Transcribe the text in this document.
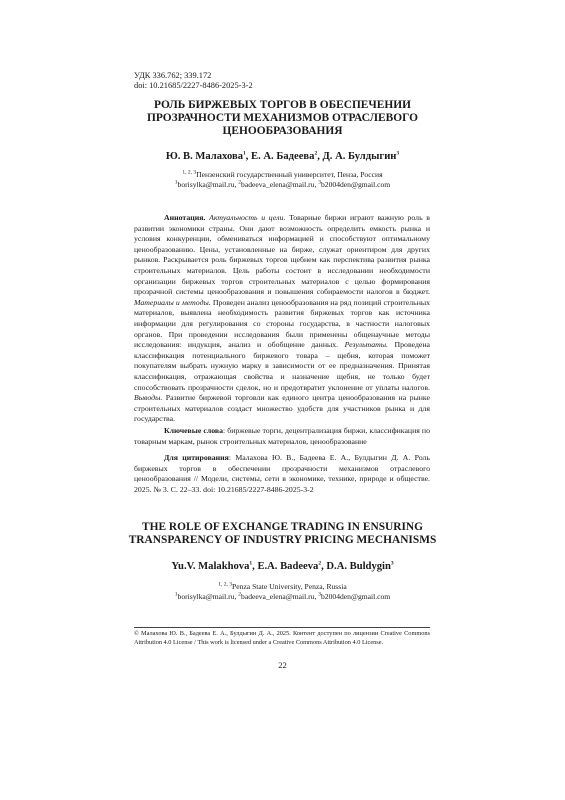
УДК 336.762; 339.172
doi: 10.21685/2227-8486-2025-3-2
РОЛЬ БИРЖЕВЫХ ТОРГОВ В ОБЕСПЕЧЕНИИ ПРОЗРАЧНОСТИ МЕХАНИЗМОВ ОТРАСЛЕВОГО ЦЕНООБРАЗОВАНИЯ
Ю. В. Малахова$^1$, Е. А. Бадеева$^2$, Д. А. Булдыгин$^3$
$^{1, 2, 3}$Пензенский государственный университет, Пенза, Россия
$^1$borisylka@mail.ru, $^2$badeeva_elena@mail.ru, $^3$b2004den@gmail.com
Аннотация. Актуальность и цели. Товарные биржи играют важную роль в развитии экономики страны. Они дают возможность определить емкость рынка и условия конкуренции, обмениваться информацией и способствуют оптимальному ценообразованию. Цены, установленные на бирже, служат ориентиром для других рынков. Раскрывается роль биржевых торгов щебнем как перспектива развития рынка строительных материалов. Цель работы состоит в исследовании необходимости организации биржевых торгов строительных материалов с целью формирования прозрачной системы ценообразования и повышения собираемости налогов в бюджет. Материалы и методы. Проведен анализ ценообразования на ряд позиций строительных материалов, выявлена необходимость развития биржевых торгов как источника информации для регулирования со стороны государства, в частности налоговых органов. При проведении исследования были применены общенаучные методы исследования: индукция, анализ и обобщение данных. Результаты. Проведена классификация потенциального биржевого товара – щебня, которая поможет покупателям выбрать нужную марку в зависимости от ее предназначения. Принятая классификация, отражающая свойства и назначение щебня, не только будет способствовать прозрачности сделок, но и предотвратит уклонение от уплаты налогов. Выводы. Развитие биржевой торговли как единого центра ценообразования на рынке строительных материалов создаст множество удобств для участников рынка и для государства.
Ключевые слова: биржевые торги, децентрализация биржи, классификация по товарным маркам, рынок строительных материалов, ценообразование
Для цитирования: Малахова Ю. В., Бадеева Е. А., Булдыгин Д. А. Роль биржевых торгов в обеспечении прозрачности механизмов отраслевого ценообразования // Модели, системы, сети в экономике, технике, природе и обществе. 2025. № 3. С. 22–33. doi: 10.21685/2227-8486-2025-3-2
THE ROLE OF EXCHANGE TRADING IN ENSURING TRANSPARENCY OF INDUSTRY PRICING MECHANISMS
Yu.V. Malakhova$^1$, E.A. Badeeva$^2$, D.A. Buldygin$^3$
$^{1, 2, 3}$Penza State University, Penza, Russia
$^1$borisylka@mail.ru, $^2$badeeva_elena@mail.ru, $^3$b2004den@gmail.com
© Малахова Ю. В., Бадеева Е. А., Булдыгин Д. А., 2025. Контент доступен по лицензии Creative Commons Attribution 4.0 License / This work is licensed under a Creative Commons Attribution 4.0 License.
22
